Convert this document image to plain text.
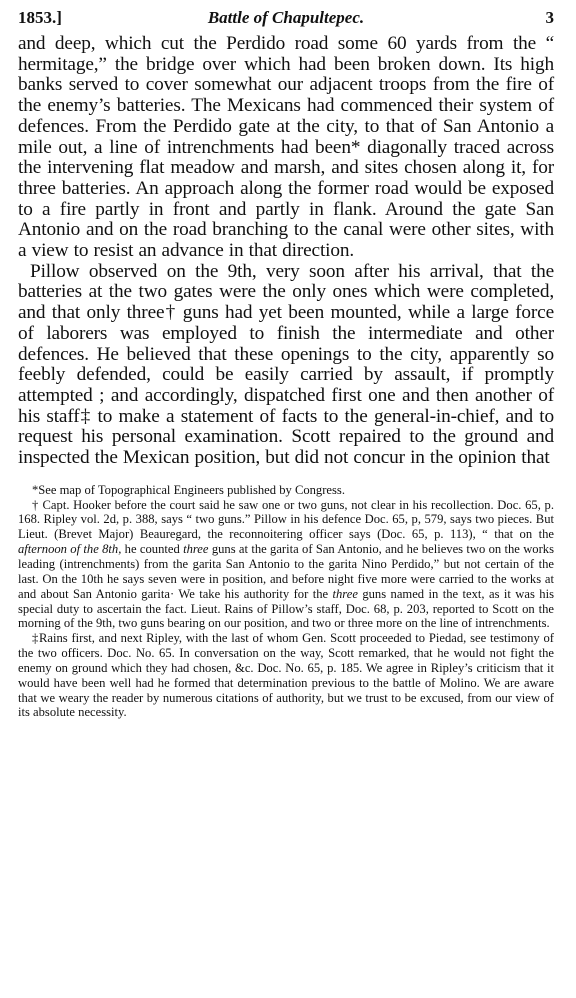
1853.]	Battle of Chapultepec.	3

and deep, which cut the Perdido road some 60 yards from the “ hermitage,” the bridge over which had been broken down. Its high banks served to cover somewhat our adjacent troops from the fire of the enemy’s batteries. The Mexicans had commenced their system of defences. From the Perdido gate at the city, to that of San Antonio a mile out, a line of intrenchments had been* diagonally traced across the intervening flat meadow and marsh, and sites chosen along it, for three batteries. An approach along the former road would be exposed to a fire partly in front and partly in flank. Around the gate San Antonio and on the road branching to the canal were other sites, with a view to resist an advance in that direction.

Pillow observed on the 9th, very soon after his arrival, that the batteries at the two gates were the only ones which were completed, and that only three† guns had yet been mounted, while a large force of laborers was employed to finish the intermediate and other defences. He believed that these openings to the city, apparently so feebly defended, could be easily carried by assault, if promptly attempted ; and accordingly, dispatched first one and then another of his staff‡ to make a statement of facts to the general-in-chief, and to request his personal examination. Scott repaired to the ground and inspected the Mexican position, but did not concur in the opinion that

*See map of Topographical Engineers published by Congress.

† Capt. Hooker before the court said he saw one or two guns, not clear in his recollection. Doc. 65, p. 168. Ripley vol. 2d, p. 388, says “ two guns.” Pillow in his defence Doc. 65, p, 579, says two pieces. But Lieut. (Brevet Major) Beauregard, the reconnoitering officer says (Doc. 65, p. 113), “ that on the afternoon of the 8th, he counted three guns at the garita of San Antonio, and he believes two on the works leading (intrenchments) from the garita San Antonio to the garita Nino Perdido,” but not certain of the last. On the 10th he says seven were in position, and before night five more were carried to the works at and about San Antonio garita· We take his authority for the three guns named in the text, as it was his special duty to ascertain the fact. Lieut. Rains of Pillow’s staff, Doc. 68, p. 203, reported to Scott on the morning of the 9th, two guns bearing on our position, and two or three more on the line of intrenchments.

‡Rains first, and next Ripley, with the last of whom Gen. Scott proceeded to Piedad, see testimony of the two officers. Doc. No. 65. In conversation on the way, Scott remarked, that he would not fight the enemy on ground which they had chosen, &c. Doc. No. 65, p. 185. We agree in Ripley’s criticism that it would have been well had he formed that determination previous to the battle of Molino. We are aware that we weary the reader by numerous citations of authority, but we trust to be excused, from our view of its absolute necessity.
